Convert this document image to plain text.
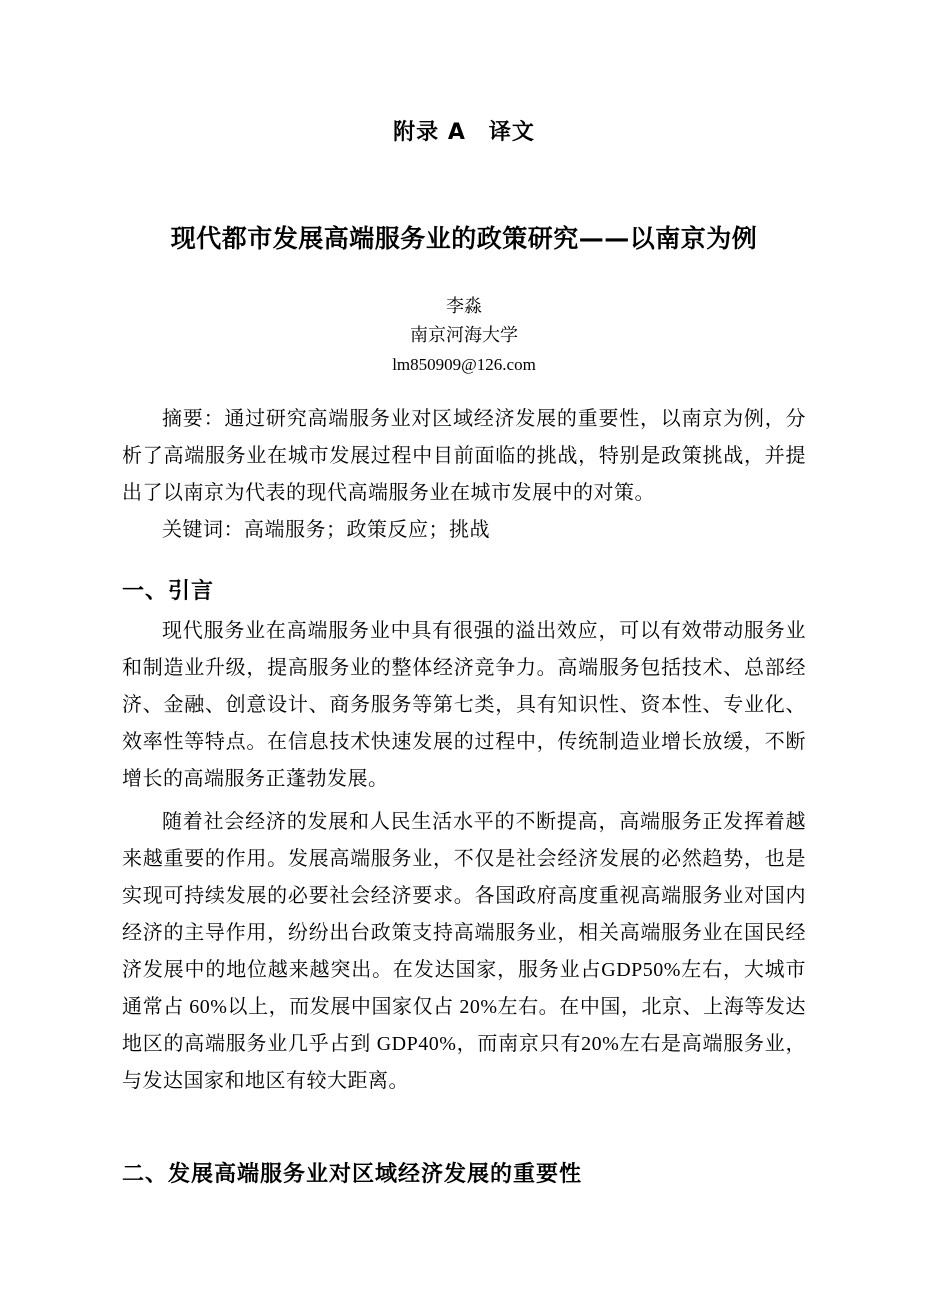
附录 A　译文
现代都市发展高端服务业的政策研究——以南京为例
李淼
南京河海大学
lm850909@126.com

摘要：通过研究高端服务业对区域经济发展的重要性，以南京为例，分析了高端服务业在城市发展过程中目前面临的挑战，特别是政策挑战，并提出了以南京为代表的现代高端服务业在城市发展中的对策。

关键词：高端服务；政策反应；挑战

一、引言

现代服务业在高端服务业中具有很强的溢出效应，可以有效带动服务业和制造业升级，提高服务业的整体经济竞争力。高端服务包括技术、总部经济、金融、创意设计、商务服务等第七类，具有知识性、资本性、专业化、效率性等特点。在信息技术快速发展的过程中，传统制造业增长放缓，不断增长的高端服务正蓬勃发展。

随着社会经济的发展和人民生活水平的不断提高，高端服务正发挥着越来越重要的作用。发展高端服务业，不仅是社会经济发展的必然趋势，也是实现可持续发展的必要社会经济要求。各国政府高度重视高端服务业对国内经济的主导作用，纷纷出台政策支持高端服务业，相关高端服务业在国民经济发展中的地位越来越突出。在发达国家，服务业占GDP50%左右，大城市通常占 60%以上，而发展中国家仅占 20%左右。在中国，北京、上海等发达地区的高端服务业几乎占到 GDP40%，而南京只有20%左右是高端服务业，与发达国家和地区有较大距离。

二、发展高端服务业对区域经济发展的重要性
